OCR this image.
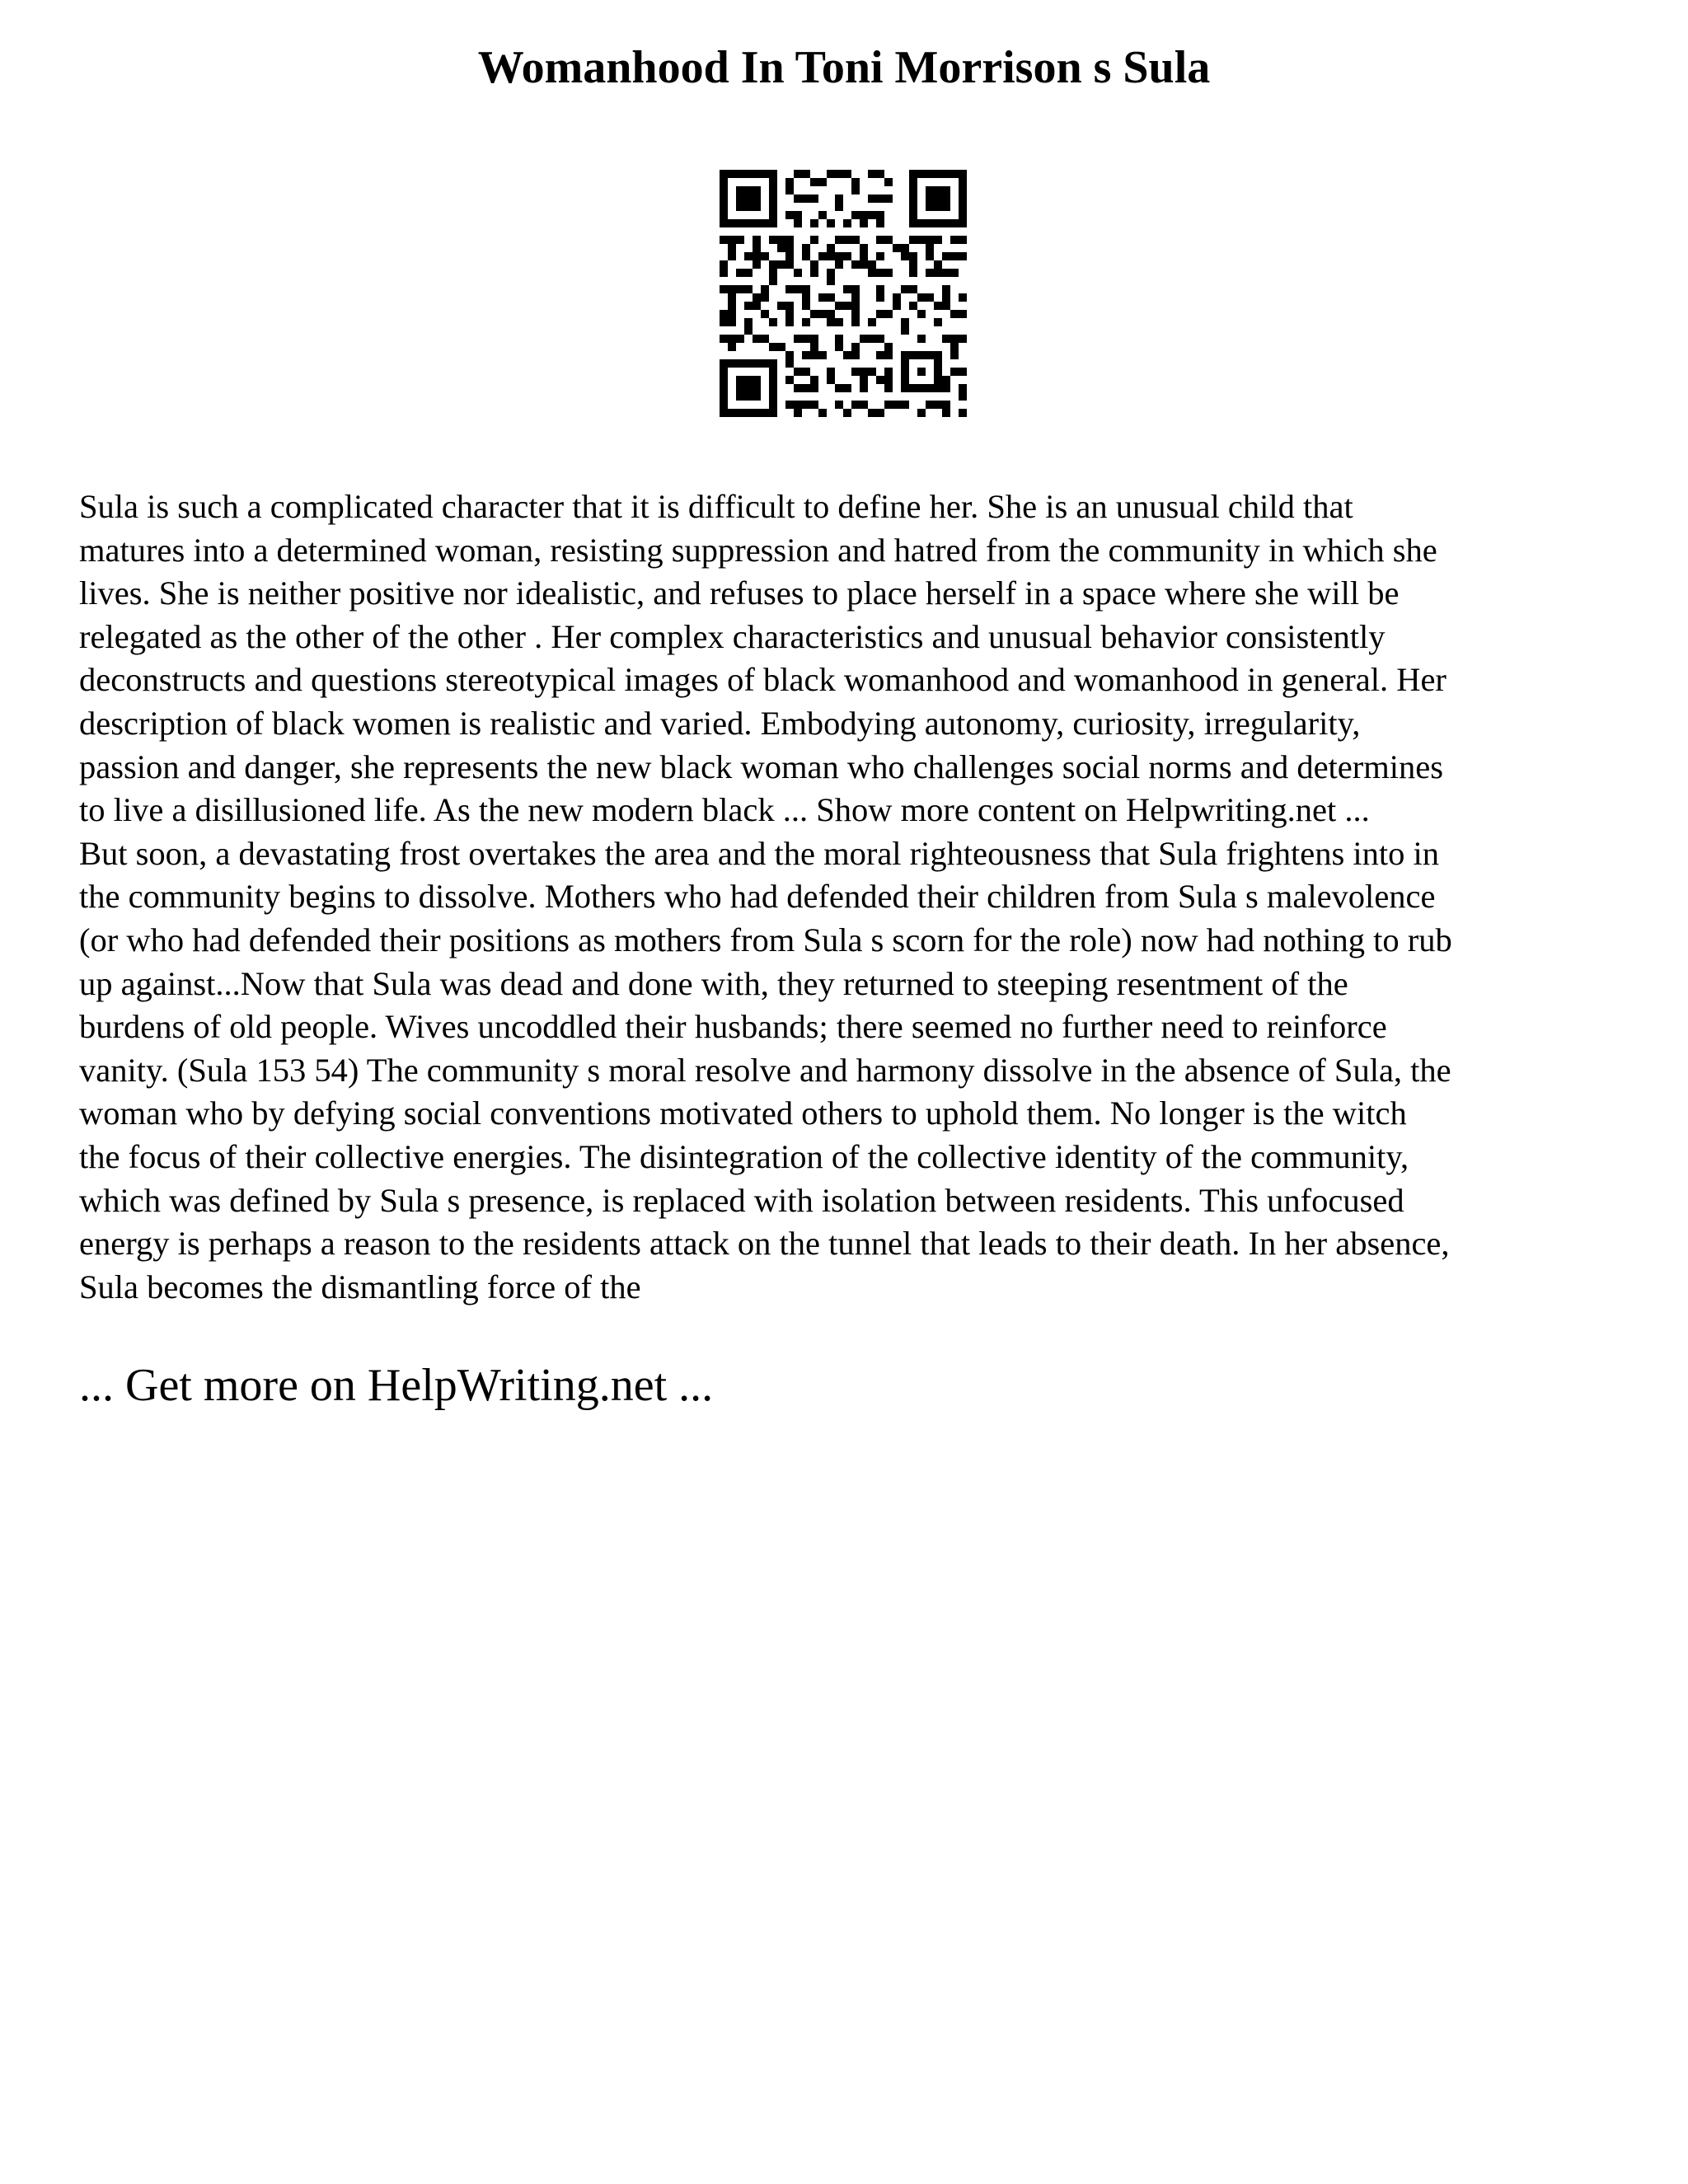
Womanhood In Toni Morrison s Sula

Sula is such a complicated character that it is difficult to define her. She is an unusual child that

matures into a determined woman, resisting suppression and hatred from the community in which she

lives. She is neither positive nor idealistic, and refuses to place herself in a space where she will be

relegated as the other of the other . Her complex characteristics and unusual behavior consistently

deconstructs and questions stereotypical images of black womanhood and womanhood in general. Her

description of black women is realistic and varied. Embodying autonomy, curiosity, irregularity,

passion and danger, she represents the new black woman who challenges social norms and determines

to live a disillusioned life. As the new modern black ... Show more content on Helpwriting.net ...

But soon, a devastating frost overtakes the area and the moral righteousness that Sula frightens into in

the community begins to dissolve. Mothers who had defended their children from Sula s malevolence

(or who had defended their positions as mothers from Sula s scorn for the role) now had nothing to rub

up against...Now that Sula was dead and done with, they returned to steeping resentment of the

burdens of old people. Wives uncoddled their husbands; there seemed no further need to reinforce

vanity. (Sula 153 54) The community s moral resolve and harmony dissolve in the absence of Sula, the

woman who by defying social conventions motivated others to uphold them. No longer is the witch

the focus of their collective energies. The disintegration of the collective identity of the community,

which was defined by Sula s presence, is replaced with isolation between residents. This unfocused

energy is perhaps a reason to the residents attack on the tunnel that leads to their death. In her absence,

Sula becomes the dismantling force of the

... Get more on HelpWriting.net ...
